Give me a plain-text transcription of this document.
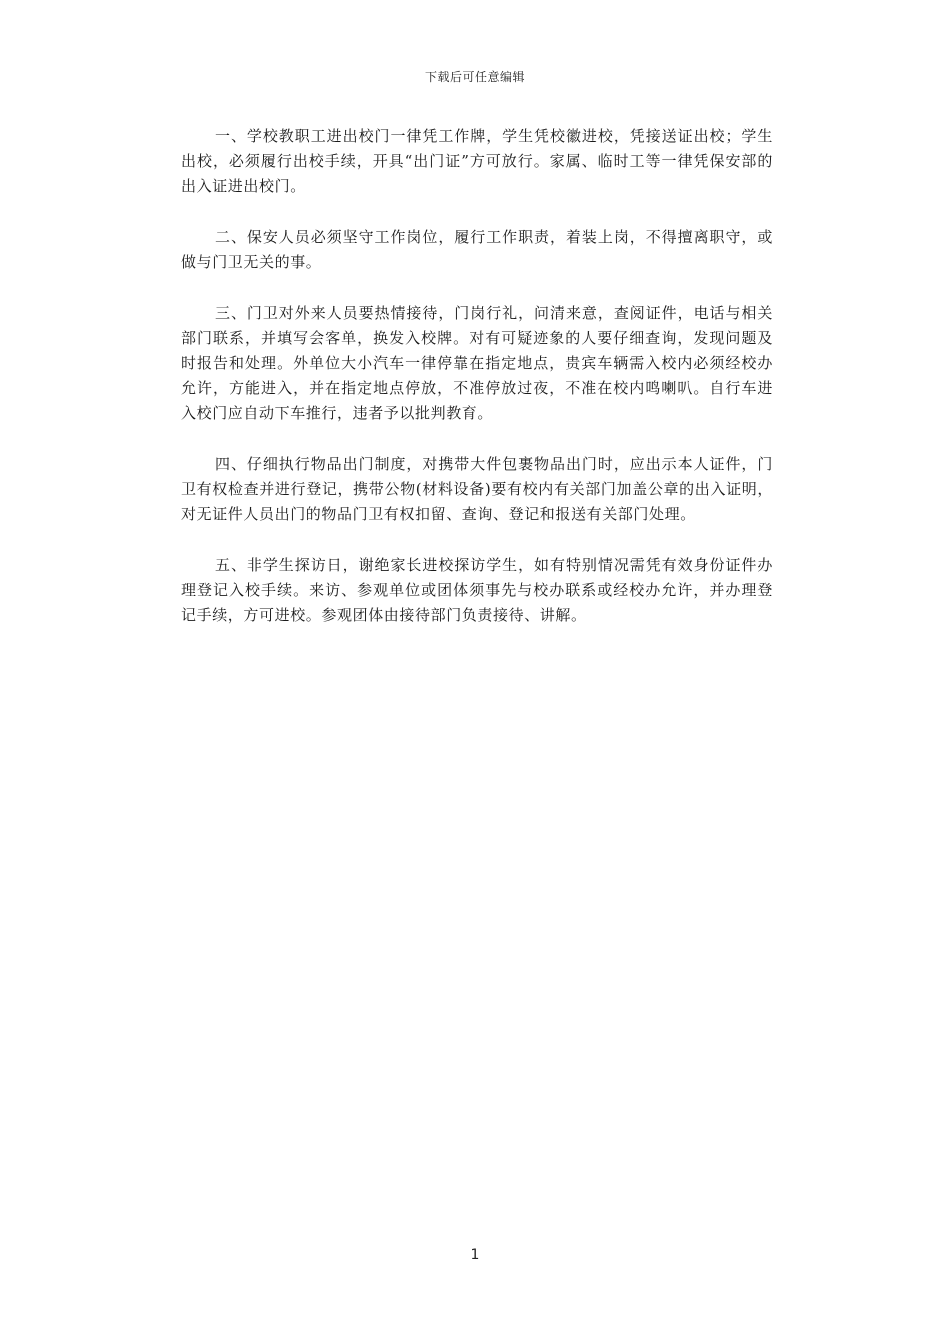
下载后可任意编辑

一、学校教职工进出校门一律凭工作牌，学生凭校徽进校，凭接送证出校；学生出校，必须履行出校手续，开具“出门证”方可放行。家属、临时工等一律凭保安部的出入证进出校门。

二、保安人员必须坚守工作岗位，履行工作职责，着装上岗，不得擅离职守，或做与门卫无关的事。

三、门卫对外来人员要热情接待，门岗行礼，问清来意，查阅证件，电话与相关部门联系，并填写会客单，换发入校牌。对有可疑迹象的人要仔细查询，发现问题及时报告和处理。外单位大小汽车一律停靠在指定地点，贵宾车辆需入校内必须经校办允许，方能进入，并在指定地点停放，不准停放过夜，不准在校内鸣喇叭。自行车进入校门应自动下车推行，违者予以批判教育。

四、仔细执行物品出门制度，对携带大件包裹物品出门时，应出示本人证件，门卫有权检查并进行登记，携带公物(材料设备)要有校内有关部门加盖公章的出入证明，对无证件人员出门的物品门卫有权扣留、查询、登记和报送有关部门处理。

五、非学生探访日，谢绝家长进校探访学生，如有特别情况需凭有效身份证件办理登记入校手续。来访、参观单位或团体须事先与校办联系或经校办允许，并办理登记手续，方可进校。参观团体由接待部门负责接待、讲解。

1
